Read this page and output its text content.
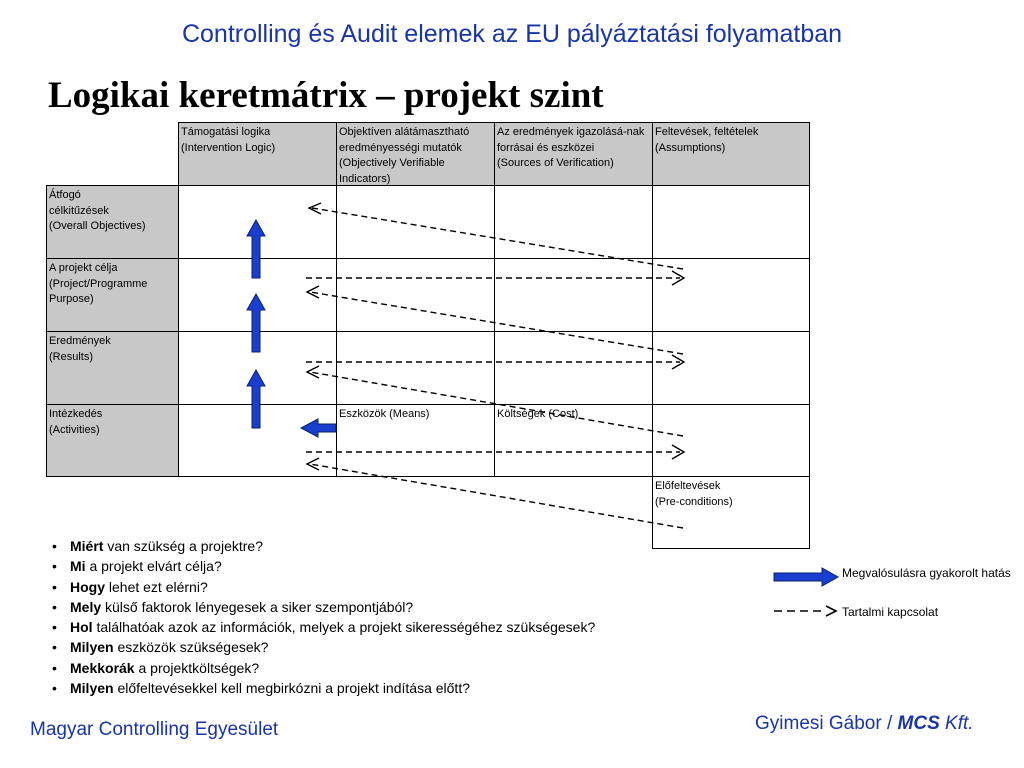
Controlling és Audit elemek az EU pályáztatási folyamatban
Logikai keretmátrix – projekt szint
Támogatási logika
(Intervention Logic)
Objektíven alátámasztható eredményességi mutatók
(Objectively Verifiable Indicators)
Az eredmények igazolásá-nak forrásai és eszközei
(Sources of Verification)
Feltevések, feltételek
(Assumptions)
Átfogó
célkitűzések
(Overall Objectives)
A projekt célja
(Project/Programme Purpose)
Eredmények
(Results)
Intézkedés
(Activities)
Eszközök (Means)	Költségek (Cost)
Előfeltevések
(Pre-conditions)
• Miért van szükség a projektre?
• Mi a projekt elvárt célja?
• Hogy lehet ezt elérni?
• Mely külső faktorok lényegesek a siker szempontjából?
• Hol találhatóak azok az információk, melyek a projekt sikerességéhez szükségesek?
• Milyen eszközök szükségesek?
• Mekkorák a projektköltségek?
• Milyen előfeltevésekkel kell megbirkózni a projekt indítása előtt?
Megvalósulásra gyakorolt hatás
Tartalmi kapcsolat
Magyar Controlling Egyesület	Gyimesi Gábor / MCS Kft.
